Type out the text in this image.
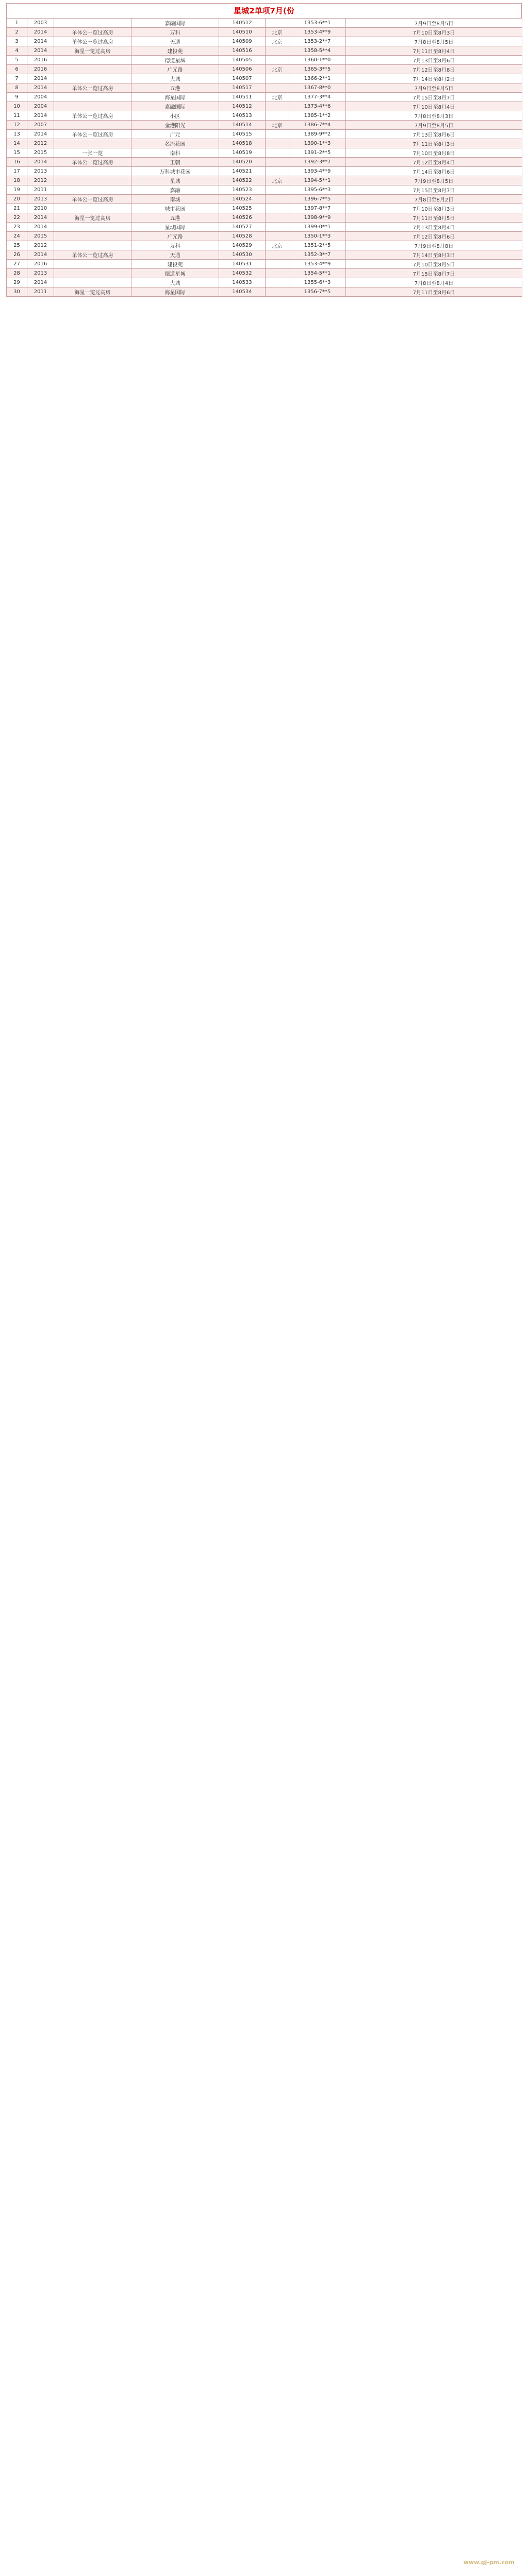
星城2单项7月(份
1	2003		嘉融国际	140512		1353-6**1	7月9日至8月5日
2	2014	单体公一览过高房	万科	140510	北京	1353-4**9	7月10日至8月3日
3	2014	单体公一览过高房	天通	140509	北京	1353-2**7	7月8日至8月5日
4	2014	海星一览过高房	建投苑	140516		1358-5**4	7月11日至8月4日
5	2016		德道星城	140505		1360-1**0	7月13日至8月6日
6	2016		广元路	140506	北京	1365-3**5	7月12日至8月8日
7	2014		大城	140507		1366-2**1	7月14日至8月2日
8	2014	单体公一览过高房	五港	140517		1367-8**0	7月9日至8月5日
9	2004		海星国际	140511	北京	1377-3**4	7月15日至8月7日
10	2004		嘉融国际	140512		1373-4**6	7月10日至8月4日
11	2014	单体公一览过高房	小区	140513		1385-1**2	7月8日至8月3日
12	2007		金港阳光	140514	北京	1386-7**4	7月9日至8月5日
13	2014	单体公一览过高房	广元	140515		1389-9**2	7月13日至8月6日
14	2012		名流花园	140518		1390-1**3	7月11日至8月3日
15	2015	一张一览	南科	140519		1391-2**5	7月10日至8月8日
16	2014	单体公一览过高房	王朝	140520		1392-3**7	7月12日至8月4日
17	2013		万科城市花园	140521		1393-4**9	7月14日至8月6日
18	2012		星城	140522	北京	1394-5**1	7月9日至8月5日
19	2011		嘉融	140523		1395-6**3	7月15日至8月7日
20	2013	单体公一览过高房	南城	140524		1396-7**5	7月8日至8月2日
21	2010		城市花园	140525		1397-8**7	7月10日至8月3日
22	2014	海星一览过高房	五港	140526		1398-9**9	7月11日至8月5日
23	2014		星城国际	140527		1399-0**1	7月13日至8月4日
24	2015		广元路	140528		1350-1**3	7月12日至8月6日
25	2012		万科	140529	北京	1351-2**5	7月9日至8月8日
26	2014	单体公一览过高房	天通	140530		1352-3**7	7月14日至8月3日
27	2016		建投苑	140531		1353-4**9	7月10日至8月5日
28	2013		德道星城	140532		1354-5**1	7月15日至8月7日
29	2014		大城	140533		1355-6**3	7月8日至8月4日
30	2011	海星一览过高房	海星国际	140534		1356-7**5	7月11日至8月6日
www.gj-pm.com
